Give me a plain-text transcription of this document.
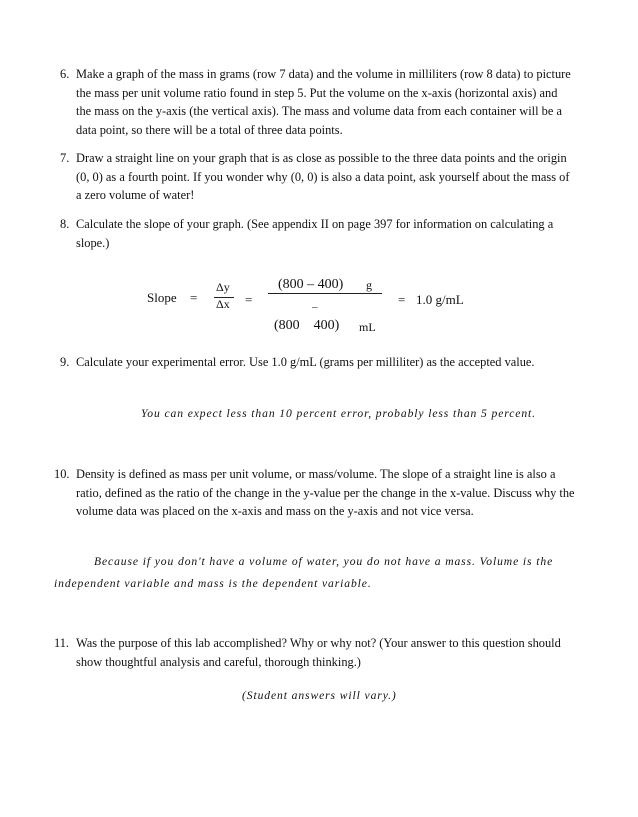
6. Make a graph of the mass in grams (row 7 data) and the volume in milliliters (row 8 data) to picture the mass per unit volume ratio found in step 5. Put the volume on the x-axis (horizontal axis) and the mass on the y-axis (the vertical axis). The mass and volume data from each container will be a data point, so there will be a total of three data points.
7. Draw a straight line on your graph that is as close as possible to the three data points and the origin (0, 0) as a fourth point. If you wonder why (0, 0) is also a data point, ask yourself about the mass of a zero volume of water!
8. Calculate the slope of your graph. (See appendix II on page 397 for information on calculating a slope.)
Slope =
Δy
Δx =
(800 – 400) g
–
(800    400) mL
= 1.0 g/mL
9. Calculate your experimental error. Use 1.0 g/mL (grams per milliliter) as the accepted value.
You can expect less than 10 percent error, probably less than 5 percent.
10. Density is defined as mass per unit volume, or mass/volume. The slope of a straight line is also a ratio, defined as the ratio of the change in the y-value per the change in the x-value. Discuss why the volume data was placed on the x-axis and mass on the y-axis and not vice versa.
Because if you don't have a volume of water, you do not have a mass. Volume is the
independent variable and mass is the dependent variable.
11. Was the purpose of this lab accomplished? Why or why not? (Your answer to this question should show thoughtful analysis and careful, thorough thinking.)
(Student answers will vary.)
